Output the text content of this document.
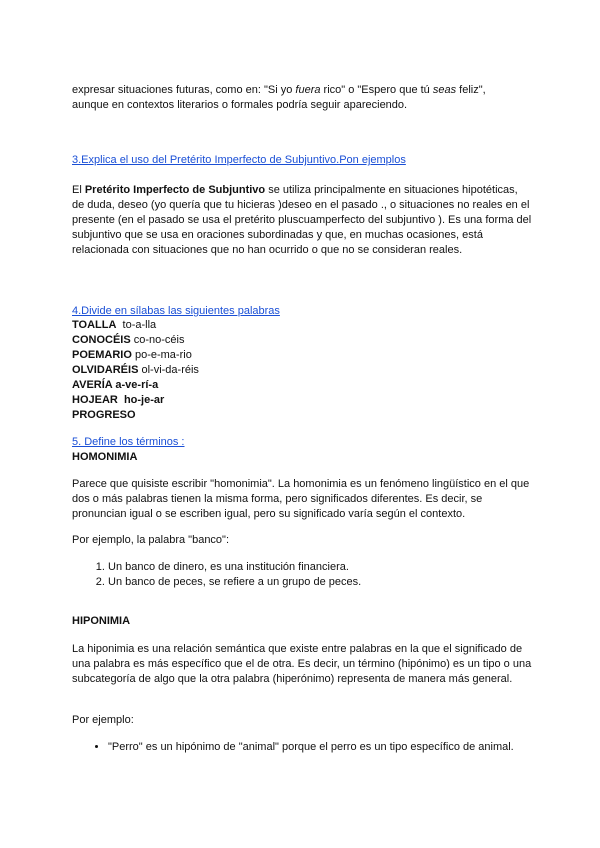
expresar situaciones futuras, como en: "Si yo fuera rico" o "Espero que tú seas feliz",
aunque en contextos literarios o formales podría seguir apareciendo.
3.Explica el uso del Pretérito Imperfecto de Subjuntivo.Pon ejemplos
El Pretérito Imperfecto de Subjuntivo se utiliza principalmente en situaciones hipotéticas, de duda, deseo (yo quería que tu hicieras )deseo en el pasado ., o situaciones no reales en el presente (en el pasado se usa el pretérito pluscuamperfecto del subjuntivo ). Es una forma del subjuntivo que se usa en oraciones subordinadas y que, en muchas ocasiones, está relacionada con situaciones que no han ocurrido o que no se consideran reales.
4.Divide en sílabas las siguientes palabras
TOALLA  to-a-lla
CONOCÉIS co-no-céis
POEMARIO po-e-ma-rio
OLVIDARÉIS ol-vi-da-réis
AVERÍA a-ve-rí-a
HOJEAR  ho-je-ar
PROGRESO
5. Define los términos :
HOMONIMIA
Parece que quisiste escribir "homonimia". La homonimia es un fenómeno lingüístico en el que dos o más palabras tienen la misma forma, pero significados diferentes. Es decir, se pronuncian igual o se escriben igual, pero su significado varía según el contexto.
Por ejemplo, la palabra "banco":
1. Un banco de dinero, es una institución financiera.
2. Un banco de peces, se refiere a un grupo de peces.
HIPONIMIA
La hiponimia es una relación semántica que existe entre palabras en la que el significado de una palabra es más específico que el de otra. Es decir, un término (hipónimo) es un tipo o una subcategoría de algo que la otra palabra (hiperónimo) representa de manera más general.
Por ejemplo:
• "Perro" es un hipónimo de "animal" porque el perro es un tipo específico de animal.
